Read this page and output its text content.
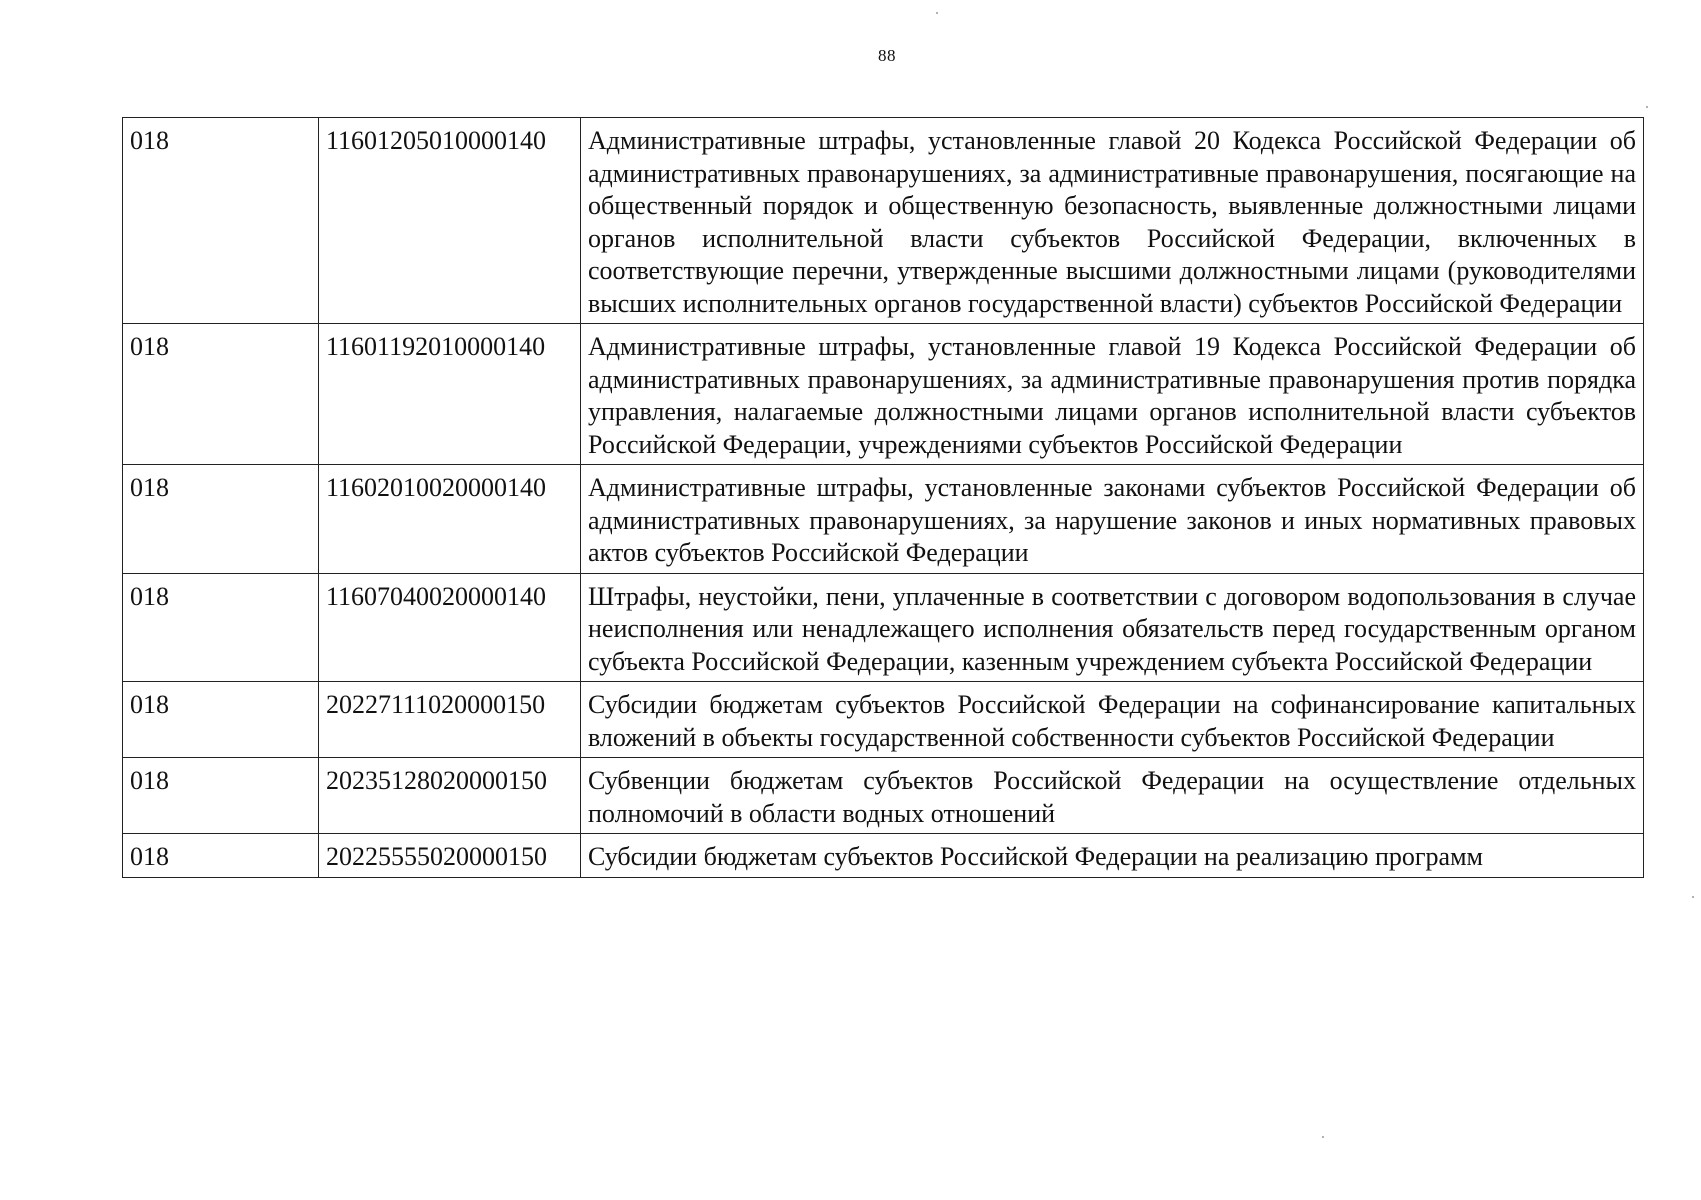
88
018	11601205010000140	Административные штрафы, установленные главой 20 Кодекса Российской Федерации об административных правонарушениях, за административные правонарушения, посягающие на общественный порядок и общественную безопасность, выявленные должностными лицами органов исполнительной власти субъектов Российской Федерации, включенных в соответствующие перечни, утвержденные высшими должностными лицами (руководителями высших исполнительных органов государственной власти) субъектов Российской Федерации
018	11601192010000140	Административные штрафы, установленные главой 19 Кодекса Российской Федерации об административных правонарушениях, за административные правонарушения против порядка управления, налагаемые должностными лицами органов исполнительной власти субъектов Российской Федерации, учреждениями субъектов Российской Федерации
018	11602010020000140	Административные штрафы, установленные законами субъектов Российской Федерации об административных правонарушениях, за нарушение законов и иных нормативных правовых актов субъектов Российской Федерации
018	11607040020000140	Штрафы, неустойки, пени, уплаченные в соответствии с договором водопользования в случае неисполнения или ненадлежащего исполнения обязательств перед государственным органом субъекта Российской Федерации, казенным учреждением субъекта Российской Федерации
018	20227111020000150	Субсидии бюджетам субъектов Российской Федерации на софинансирование капитальных вложений в объекты государственной собственности субъектов Российской Федерации
018	20235128020000150	Субвенции бюджетам субъектов Российской Федерации на осуществление отдельных полномочий в области водных отношений
018	20225555020000150	Субсидии бюджетам субъектов Российской Федерации на реализацию программ
